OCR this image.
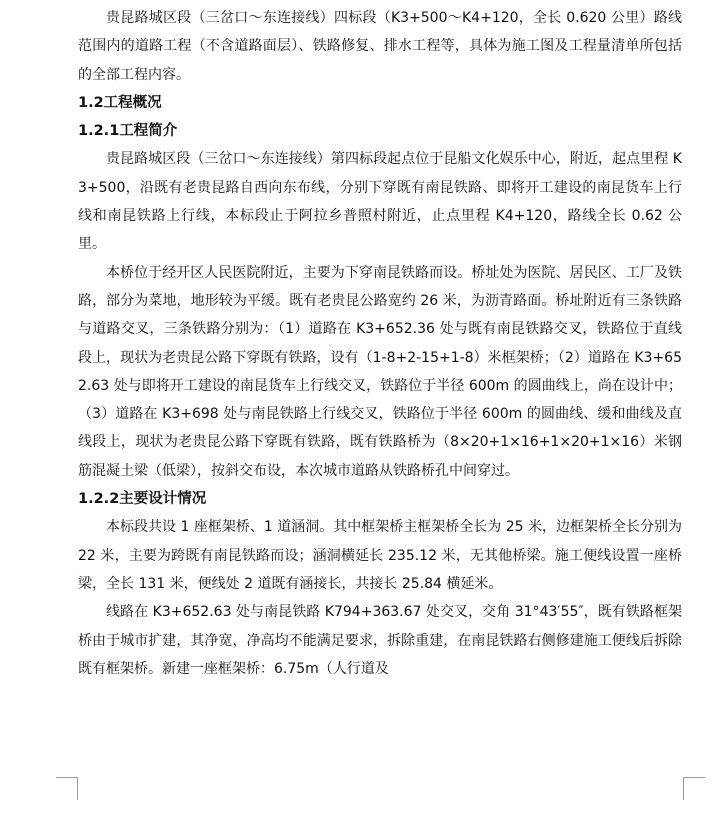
贵昆路城区段（三岔口～东连接线）四标段（K3+500～K4+120，全长 0.620 公里）路线范围内的道路工程（不含道路面层）、铁路修复、排水工程等，具体为施工图及工程量清单所包括的全部工程内容。

1.2工程概况

1.2.1工程简介

贵昆路城区段（三岔口～东连接线）第四标段起点位于昆船文化娱乐中心，附近，起点里程 K3+500，沿既有老贵昆路自西向东布线，分别下穿既有南昆铁路、即将开工建设的南昆货车上行线和南昆铁路上行线，本标段止于阿拉乡普照村附近，止点里程 K4+120，路线全长 0.62 公里。

本桥位于经开区人民医院附近，主要为下穿南昆铁路而设。桥址处为医院、居民区、工厂及铁路，部分为菜地，地形较为平缓。既有老贵昆公路宽约 26 米，为沥青路面。桥址附近有三条铁路与道路交叉，三条铁路分别为：（1）道路在 K3+652.36 处与既有南昆铁路交叉，铁路位于直线段上，现状为老贵昆公路下穿既有铁路，设有（1-8+2-15+1-8）米框架桥；（2）道路在 K3+652.63 处与即将开工建设的南昆货车上行线交叉，铁路位于半径 600m 的圆曲线上，尚在设计中；（3）道路在 K3+698 处与南昆铁路上行线交叉，铁路位于半径 600m 的圆曲线、缓和曲线及直线段上，现状为老贵昆公路下穿既有铁路，既有铁路桥为（8×20+1×16+1×20+1×16）米钢筋混凝土梁（低梁），按斜交布设，本次城市道路从铁路桥孔中间穿过。

1.2.2主要设计情况

本标段共设 1 座框架桥、1 道涵洞。其中框架桥主框架桥全长为 25 米，边框架桥全长分别为 22 米，主要为跨既有南昆铁路而设；涵洞横延长 235.12 米，无其他桥梁。施工便线设置一座桥梁，全长 131 米，便线处 2 道既有涵接长，共接长 25.84 横延米。

线路在 K3+652.63 处与南昆铁路 K794+363.67 处交叉，交角 31°43′55″，既有铁路框架桥由于城市扩建，其净宽，净高均不能满足要求，拆除重建，在南昆铁路右侧修建施工便线后拆除既有框架桥。新建一座框架桥：6.75m（人行道及
